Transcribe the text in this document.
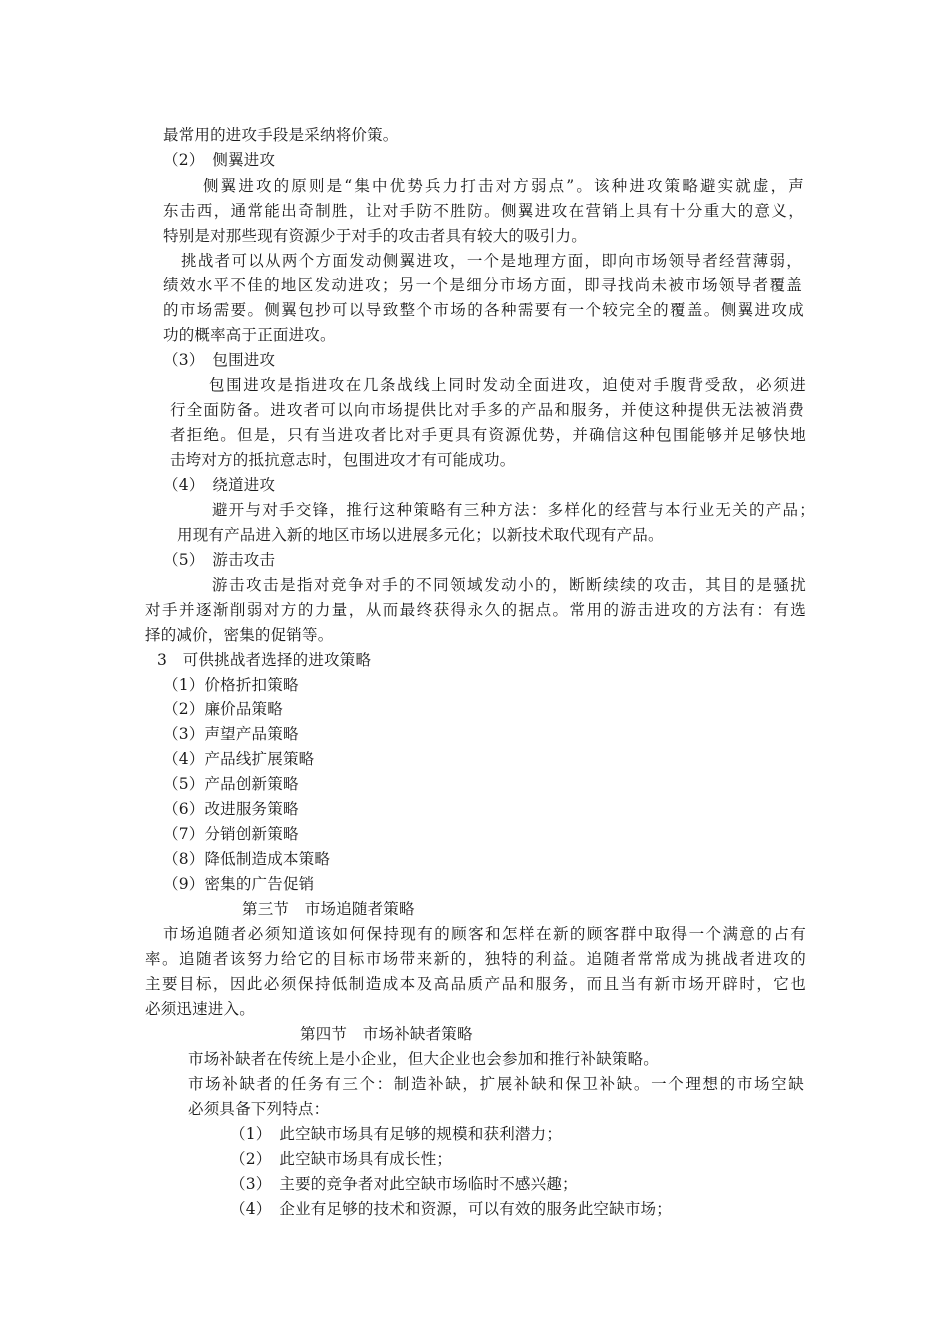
最常用的进攻手段是采纳将价策。
（2）　侧翼进攻
侧翼进攻的原则是“集中优势兵力打击对方弱点”。该种进攻策略避实就虚，声
东击西，通常能出奇制胜，让对手防不胜防。侧翼进攻在营销上具有十分重大的意义，
特别是对那些现有资源少于对手的攻击者具有较大的吸引力。
挑战者可以从两个方面发动侧翼进攻，一个是地理方面，即向市场领导者经营薄弱，
绩效水平不佳的地区发动进攻；另一个是细分市场方面，即寻找尚未被市场领导者覆盖
的市场需要。侧翼包抄可以导致整个市场的各种需要有一个较完全的覆盖。侧翼进攻成
功的概率高于正面进攻。
（3）　包围进攻
包围进攻是指进攻在几条战线上同时发动全面进攻，迫使对手腹背受敌，必须进
行全面防备。进攻者可以向市场提供比对手多的产品和服务，并使这种提供无法被消费
者拒绝。但是，只有当进攻者比对手更具有资源优势，并确信这种包围能够并足够快地
击垮对方的抵抗意志时，包围进攻才有可能成功。
（4）　绕道进攻
避开与对手交锋，推行这种策略有三种方法：多样化的经营与本行业无关的产品；
用现有产品进入新的地区市场以进展多元化；以新技术取代现有产品。
（5）　游击攻击
游击攻击是指对竞争对手的不同领域发动小的，断断续续的攻击，其目的是骚扰
对手并逐渐削弱对方的力量，从而最终获得永久的据点。常用的游击进攻的方法有：有选
择的减价，密集的促销等。
3　可供挑战者选择的进攻策略
（1）价格折扣策略
（2）廉价品策略
（3）声望产品策略
（4）产品线扩展策略
（5）产品创新策略
（6）改进服务策略
（7）分销创新策略
（8）降低制造成本策略
（9）密集的广告促销
第三节　市场追随者策略
市场追随者必须知道该如何保持现有的顾客和怎样在新的顾客群中取得一个满意的占有
率。追随者该努力给它的目标市场带来新的，独特的利益。追随者常常成为挑战者进攻的
主要目标，因此必须保持低制造成本及高品质产品和服务，而且当有新市场开辟时，它也
必须迅速进入。
第四节　市场补缺者策略
市场补缺者在传统上是小企业，但大企业也会参加和推行补缺策略。
市场补缺者的任务有三个：制造补缺，扩展补缺和保卫补缺。一个理想的市场空缺
必须具备下列特点：
（1）　此空缺市场具有足够的规模和获利潜力；
（2）　此空缺市场具有成长性；
（3）　主要的竞争者对此空缺市场临时不感兴趣；
（4）　企业有足够的技术和资源，可以有效的服务此空缺市场；
